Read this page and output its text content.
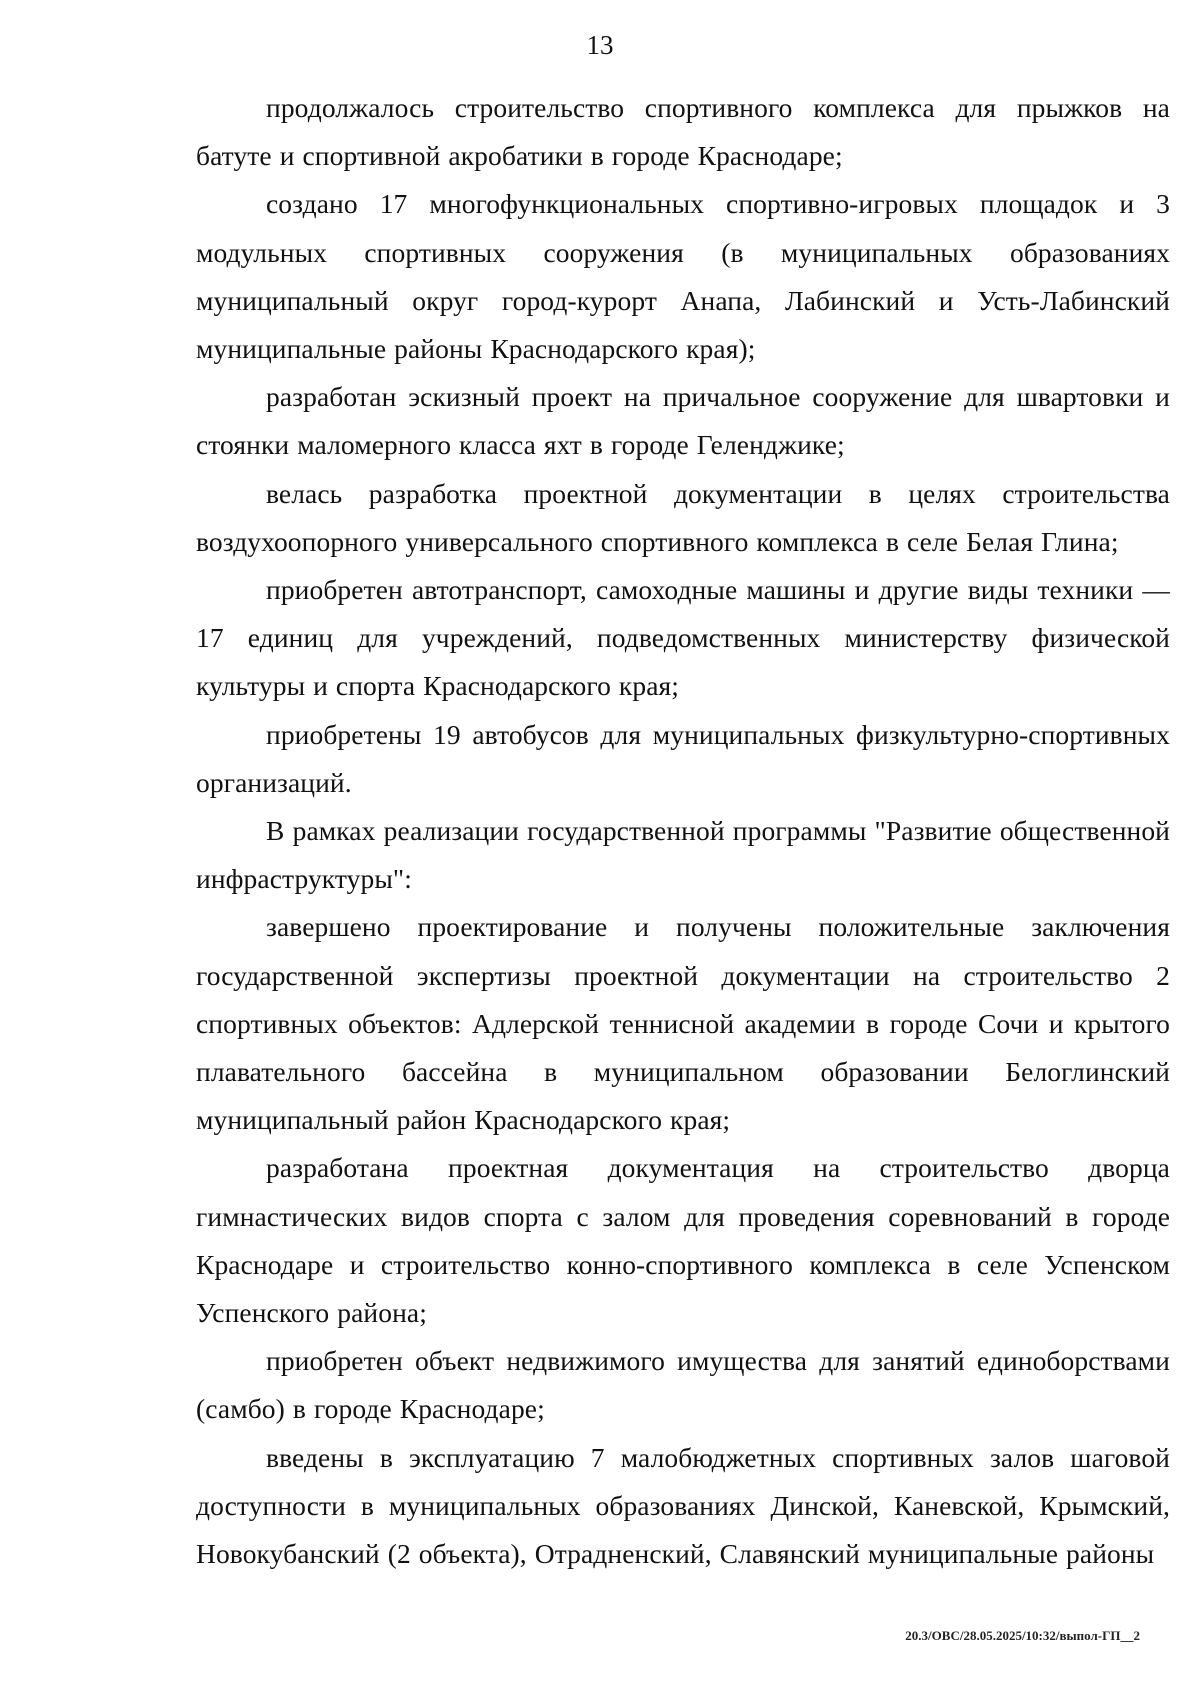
13

продолжалось строительство спортивного комплекса для прыжков на батуте и спортивной акробатики в городе Краснодаре;

создано 17 многофункциональных спортивно-игровых площадок и 3 модульных спортивных сооружения (в муниципальных образованиях муниципальный округ город-курорт Анапа, Лабинский и Усть-Лабинский муниципальные районы Краснодарского края);

разработан эскизный проект на причальное сооружение для швартовки и стоянки маломерного класса яхт в городе Геленджике;

велась разработка проектной документации в целях строительства воздухоопорного универсального спортивного комплекса в селе Белая Глина;

приобретен автотранспорт, самоходные машины и другие виды техники — 17 единиц для учреждений, подведомственных министерству физической культуры и спорта Краснодарского края;

приобретены 19 автобусов для муниципальных физкультурно-спортивных организаций.

В рамках реализации государственной программы "Развитие общественной инфраструктуры":

завершено проектирование и получены положительные заключения государственной экспертизы проектной документации на строительство 2 спортивных объектов: Адлерской теннисной академии в городе Сочи и крытого плавательного бассейна в муниципальном образовании Белоглинский муниципальный район Краснодарского края;

разработана проектная документация на строительство дворца гимнастических видов спорта с залом для проведения соревнований в городе Краснодаре и строительство конно-спортивного комплекса в селе Успенском Успенского района;

приобретен объект недвижимого имущества для занятий единоборствами (самбо) в городе Краснодаре;

введены в эксплуатацию 7 малобюджетных спортивных залов шаговой доступности в муниципальных образованиях Динской, Каневской, Крымский, Новокубанский (2 объекта), Отрадненский, Славянский муниципальные районы

20.3/ОВС/28.05.2025/10:32/выпол-ГП__2
